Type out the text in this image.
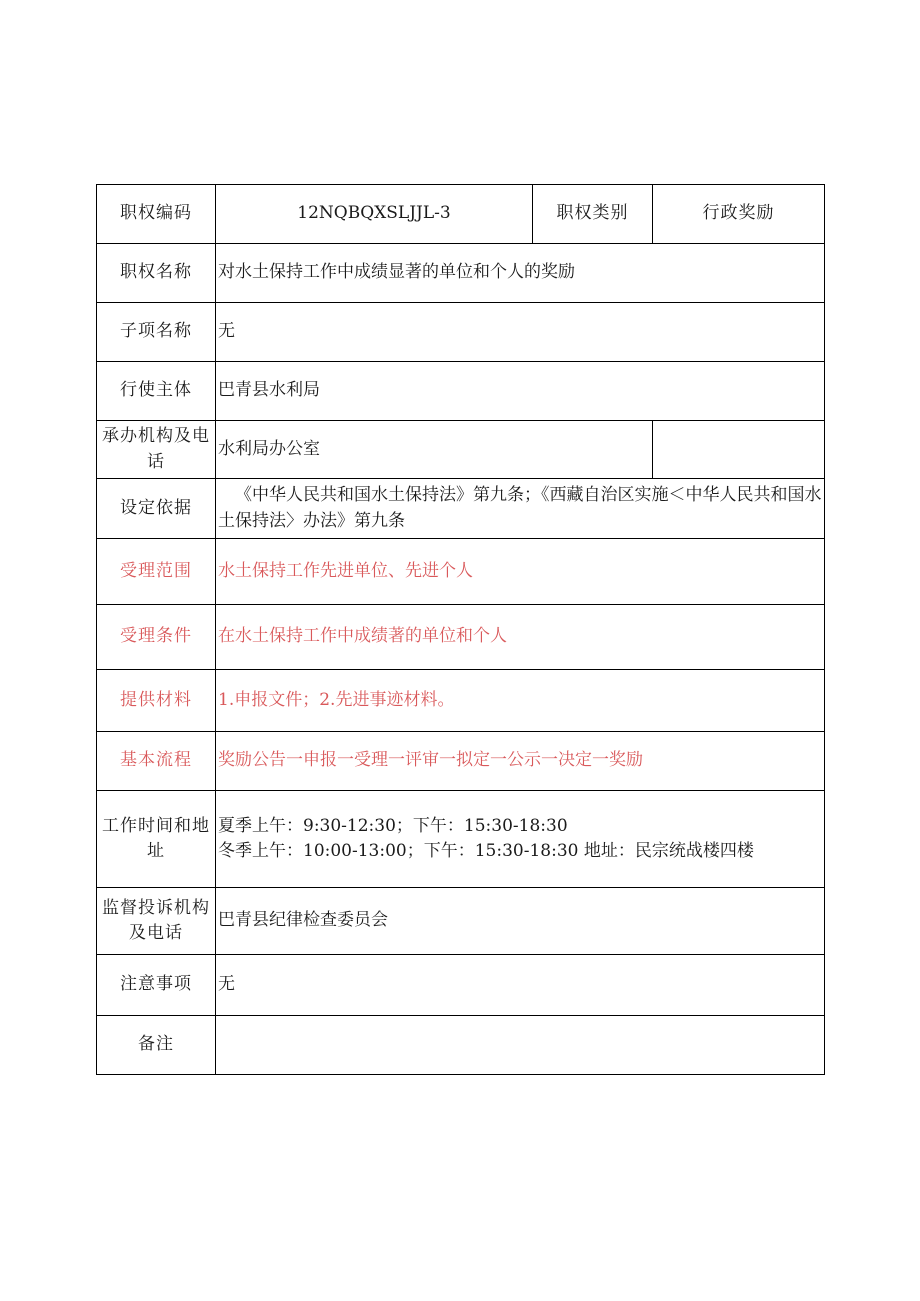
职权编码	12NQBQXSLJJL-3	职权类别	行政奖励
职权名称	对水土保持工作中成绩显著的单位和个人的奖励		
子项名称	无		
行使主体	巴青县水利局		
承办机构及电话	水利局办公室		
设定依据	《中华人民共和国水土保持法》第九条；《西藏自治区实施＜中华人民共和国水土保持法〉办法》第九条		
受理范围	水土保持工作先进单位、先进个人		
受理条件	在水土保持工作中成绩著的单位和个人		
提供材料	1.申报文件；2.先进事迹材料。		
基本流程	奖励公告一申报一受理一评审一拟定一公示一决定一奖励		
工作时间和地址	夏季上午：9:30-12:30；下午：15:30-18:30
冬季上午：10:00-13:00；下午：15:30-18:30 地址：民宗统战楼四楼		

监督投诉机构及电话	巴青县纪律检查委员会		
注意事项	无		
备注			
